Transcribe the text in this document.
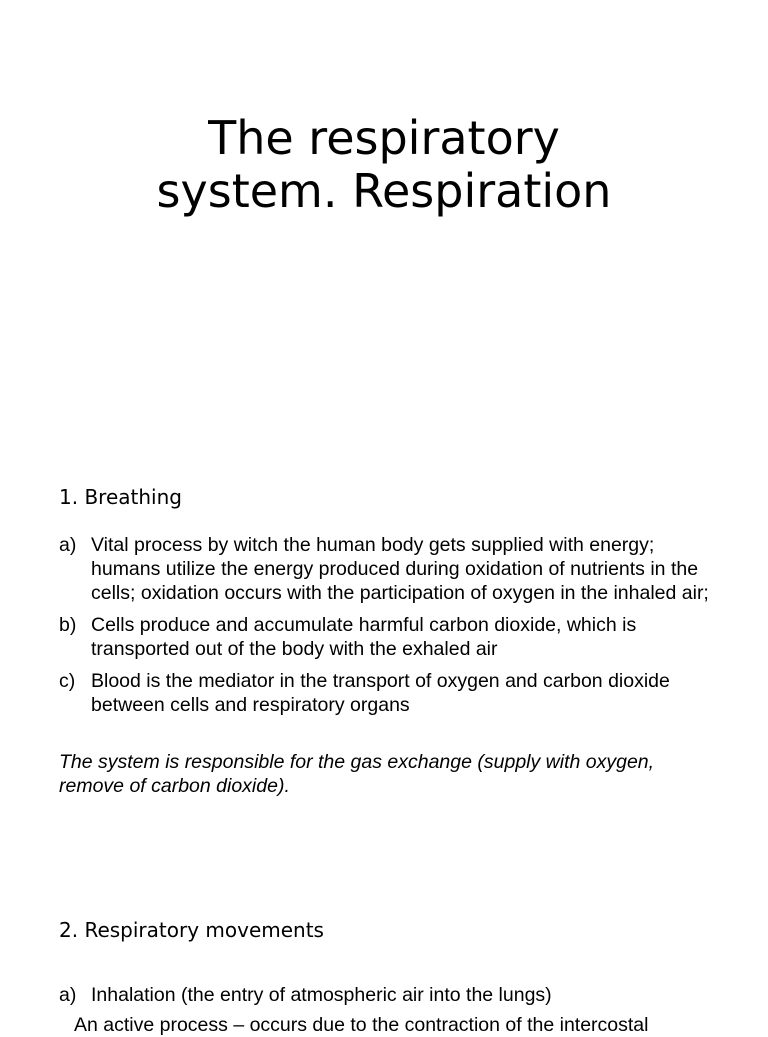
The respiratory
system. Respiration
1. Breathing
a) Vital process by witch the human body gets supplied with energy; humans utilize the energy produced during oxidation of nutrients in the cells; oxidation occurs with the participation of oxygen in the inhaled air;
b) Cells produce and accumulate harmful carbon dioxide, which is transported out of the body with the exhaled air
c) Blood is the mediator in the transport of oxygen and carbon dioxide between cells and respiratory organs

The system is responsible for the gas exchange (supply with oxygen, remove of carbon dioxide).

2. Respiratory movements
a) Inhalation (the entry of atmospheric air into the lungs)

An active process – occurs due to the contraction of the intercostal
